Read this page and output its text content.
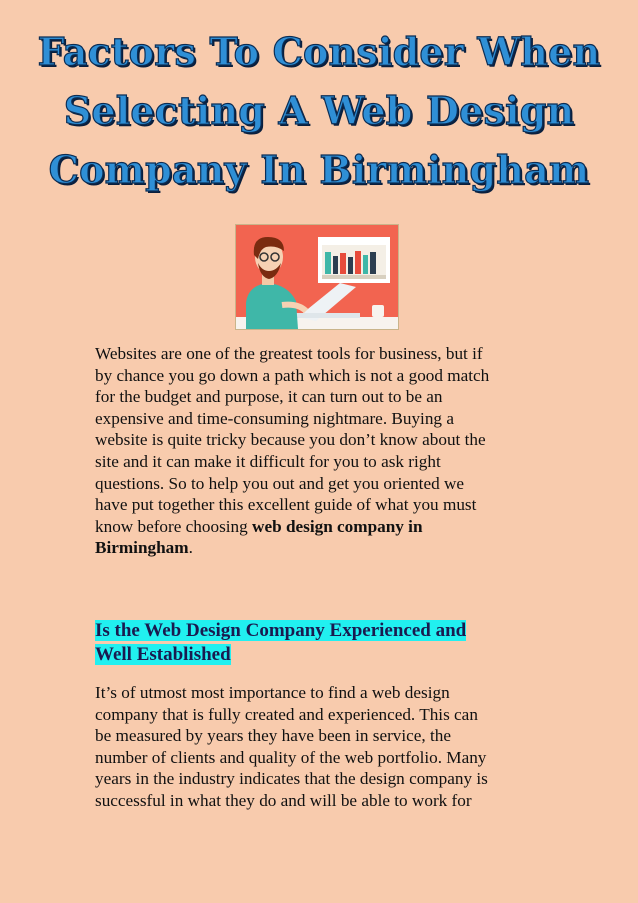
Factors To Consider When
Selecting A Web Design
Company In Birmingham
Websites are one of the greatest tools for business, but if
by chance you go down a path which is not a good match
for the budget and purpose, it can turn out to be an
expensive and time-consuming nightmare. Buying a
website is quite tricky because you don’t know about the
site and it can make it difficult for you to ask right
questions. So to help you out and get you oriented we
have put together this excellent guide of what you must
know before choosing web design company in
Birmingham.
Is the Web Design Company Experienced and
Well Established
It’s of utmost most importance to find a web design
company that is fully created and experienced. This can
be measured by years they have been in service, the
number of clients and quality of the web portfolio. Many
years in the industry indicates that the design company is
successful in what they do and will be able to work for
